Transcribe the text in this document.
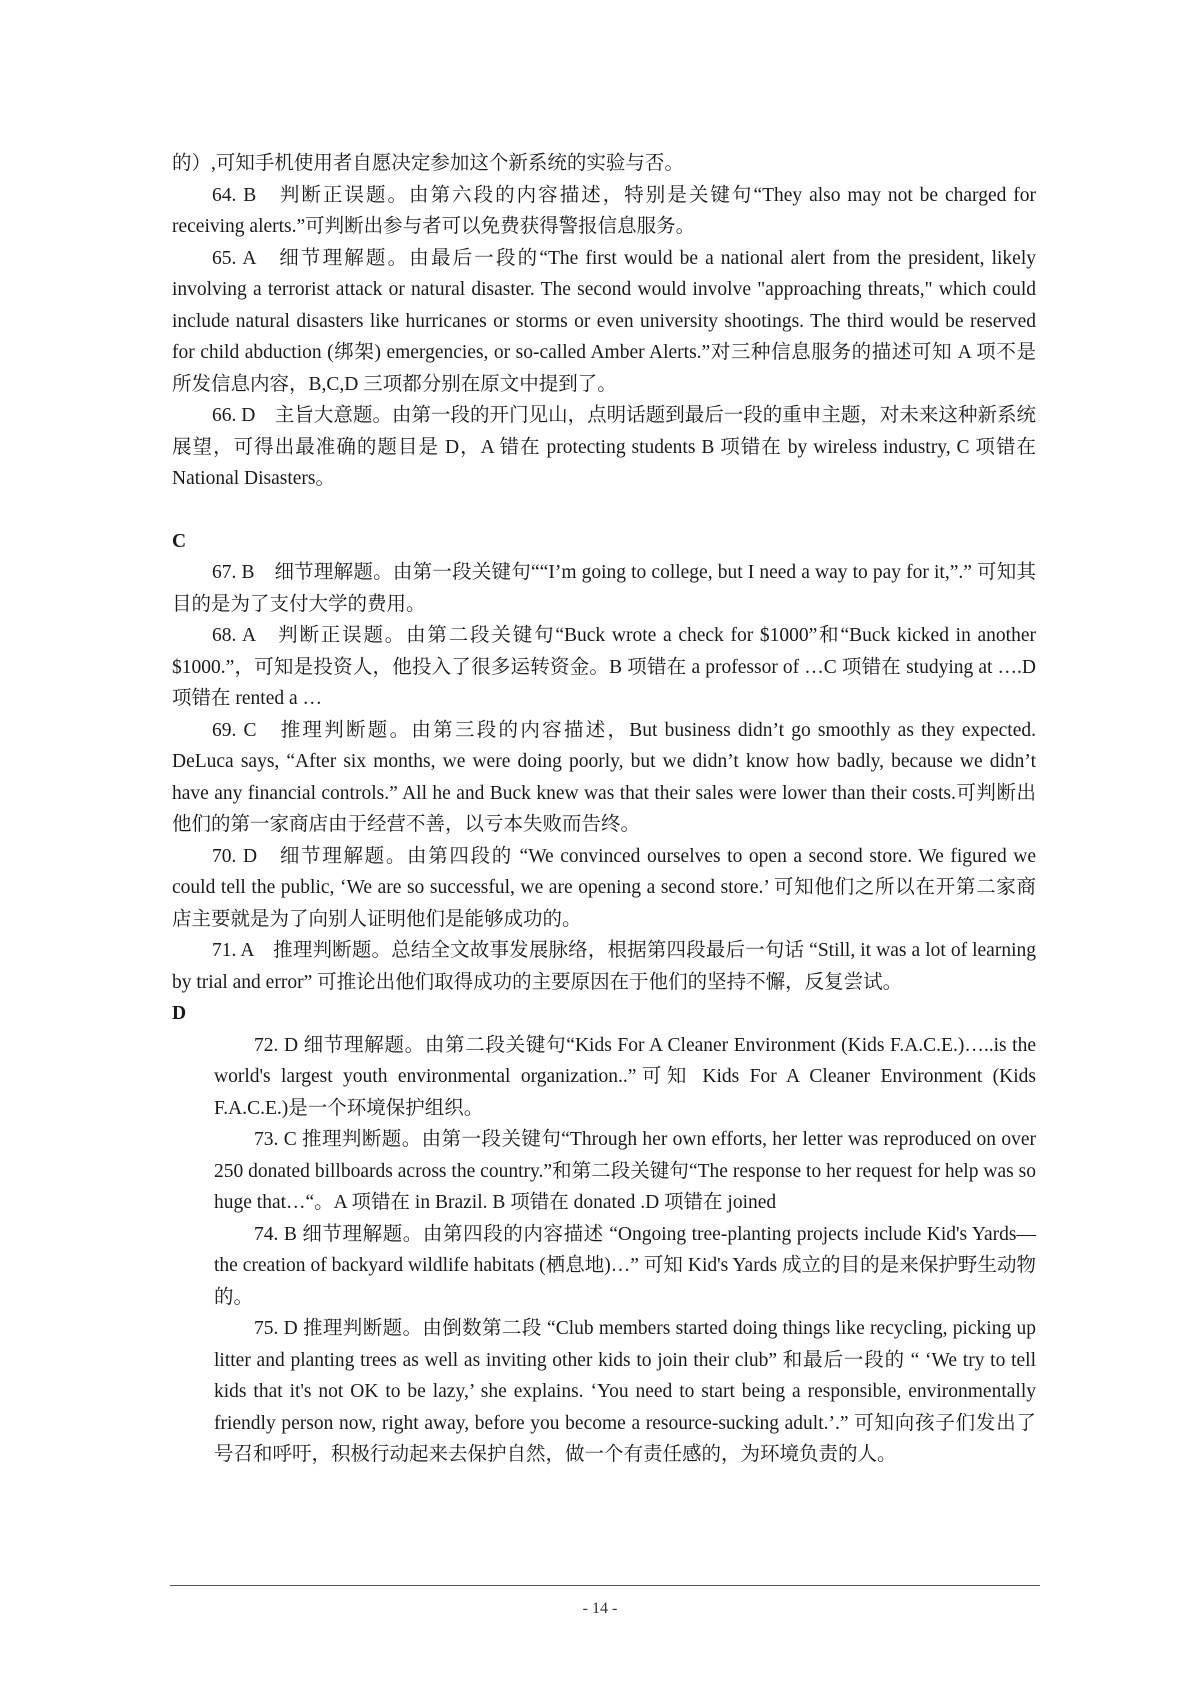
的）,可知手机使用者自愿决定参加这个新系统的实验与否。

64. B　判断正误题。由第六段的内容描述，特别是关键句“They also may not be charged for receiving alerts.”可判断出参与者可以免费获得警报信息服务。

65. A　细节理解题。由最后一段的“The first would be a national alert from the president, likely involving a terrorist attack or natural disaster. The second would involve "approaching threats," which could include natural disasters like hurricanes or storms or even university shootings. The third would be reserved for child abduction (绑架) emergencies, or so-called Amber Alerts.”对三种信息服务的描述可知 A 项不是所发信息内容，B,C,D 三项都分别在原文中提到了。

66. D　主旨大意题。由第一段的开门见山，点明话题到最后一段的重申主题，对未来这种新系统展望，可得出最准确的题目是 D，A 错在 protecting students B 项错在 by wireless industry, C 项错在 National Disasters。

C

67. B　细节理解题。由第一段关键句““I’m going to college, but I need a way to pay for it,”.” 可知其目的是为了支付大学的费用。

68. A　判断正误题。由第二段关键句“Buck wrote a check for $1000”和“Buck kicked in another $1000.”，可知是投资人，他投入了很多运转资金。B 项错在 a professor of …C 项错在 studying at ….D 项错在 rented a …

69. C　推理判断题。由第三段的内容描述，But business didn’t go smoothly as they expected. DeLuca says, “After six months, we were doing poorly, but we didn’t know how badly, because we didn’t have any financial controls.” All he and Buck knew was that their sales were lower than their costs.可判断出他们的第一家商店由于经营不善，以亏本失败而告终。

70. D　细节理解题。由第四段的 “We convinced ourselves to open a second store. We figured we could tell the public, ‘We are so successful, we are opening a second store.’ 可知他们之所以在开第二家商店主要就是为了向别人证明他们是能够成功的。

71. A　推理判断题。总结全文故事发展脉络，根据第四段最后一句话 “Still, it was a lot of learning by trial and error” 可推论出他们取得成功的主要原因在于他们的坚持不懈，反复尝试。

D

72. D 细节理解题。由第二段关键句“Kids For A Cleaner Environment (Kids F.A.C.E.)…..is the world's largest youth environmental organization..”可知 Kids For A Cleaner Environment (Kids F.A.C.E.)是一个环境保护组织。

73. C 推理判断题。由第一段关键句“Through her own efforts, her letter was reproduced on over 250 donated billboards across the country.”和第二段关键句“The response to her request for help was so huge that…“。A 项错在 in Brazil. B 项错在 donated .D 项错在 joined

74. B 细节理解题。由第四段的内容描述 “Ongoing tree-planting projects include Kid's Yards—the creation of backyard wildlife habitats (栖息地)…” 可知 Kid's Yards 成立的目的是来保护野生动物的。

75. D 推理判断题。由倒数第二段 “Club members started doing things like recycling, picking up litter and planting trees as well as inviting other kids to join their club” 和最后一段的 “ ‘We try to tell kids that it's not OK to be lazy,’ she explains. ‘You need to start being a responsible, environmentally friendly person now, right away, before you become a resource-sucking adult.’.” 可知向孩子们发出了号召和呼吁，积极行动起来去保护自然，做一个有责任感的，为环境负责的人。

- 14 -
